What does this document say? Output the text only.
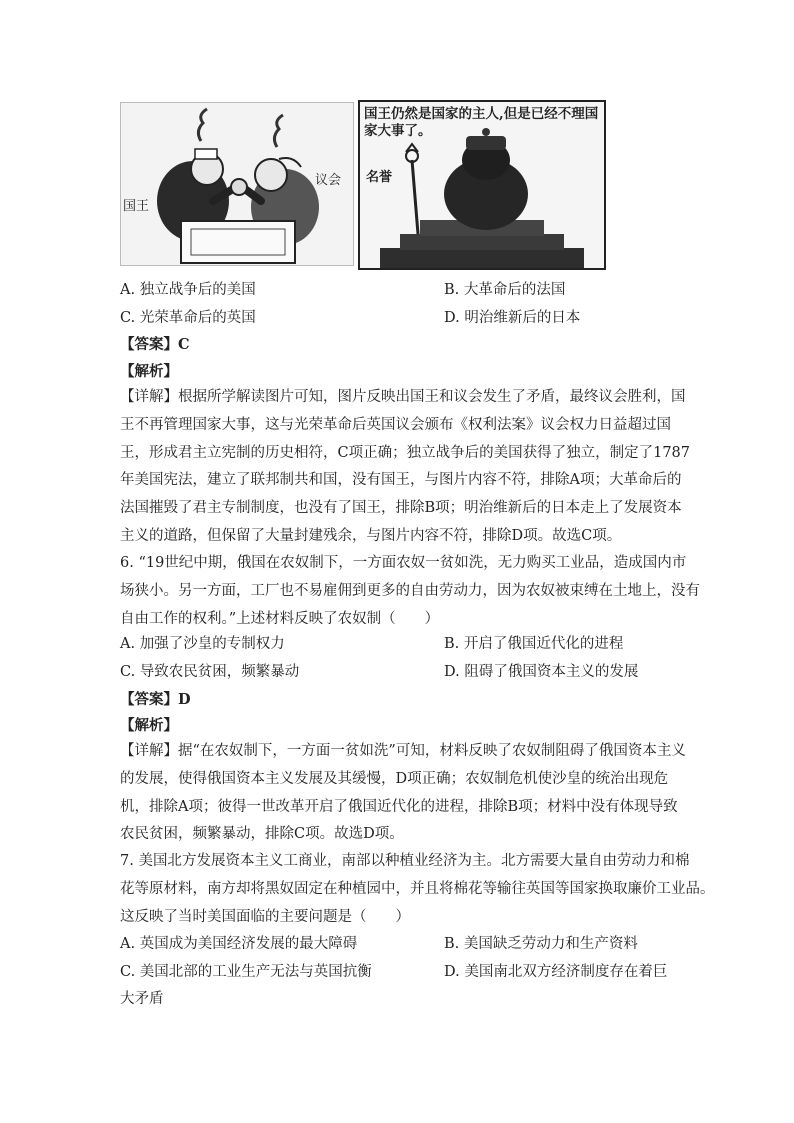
国王
议会
国王仍然是国家的主人,但是已经不理国家大事了。
名誉
A. 独立战争后的美国	B. 大革命后的法国
C. 光荣革命后的英国	D. 明治维新后的日本
【答案】C
【解析】
【详解】根据所学解读图片可知，图片反映出国王和议会发生了矛盾，最终议会胜利，国
王不再管理国家大事，这与光荣革命后英国议会颁布《权利法案》议会权力日益超过国
王，形成君主立宪制的历史相符，C项正确；独立战争后的美国获得了独立，制定了1787
年美国宪法，建立了联邦制共和国，没有国王，与图片内容不符，排除A项；大革命后的
法国摧毁了君主专制制度，也没有了国王，排除B项；明治维新后的日本走上了发展资本
主义的道路，但保留了大量封建残余，与图片内容不符，排除D项。故选C项。
6. “19世纪中期，俄国在农奴制下，一方面农奴一贫如洗，无力购买工业品，造成国内市
场狭小。另一方面，工厂也不易雇佣到更多的自由劳动力，因为农奴被束缚在土地上，没有
自由工作的权利。”上述材料反映了农奴制（　　）
A. 加强了沙皇的专制权力	B. 开启了俄国近代化的进程
C. 导致农民贫困，频繁暴动	D. 阻碍了俄国资本主义的发展
【答案】D
【解析】
【详解】据“在农奴制下，一方面一贫如洗”可知，材料反映了农奴制阻碍了俄国资本主义
的发展，使得俄国资本主义发展及其缓慢，D项正确；农奴制危机使沙皇的统治出现危
机，排除A项；彼得一世改革开启了俄国近代化的进程，排除B项；材料中没有体现导致
农民贫困，频繁暴动，排除C项。故选D项。
7. 美国北方发展资本主义工商业，南部以种植业经济为主。北方需要大量自由劳动力和棉
花等原材料，南方却将黑奴固定在种植园中，并且将棉花等输往英国等国家换取廉价工业品。
这反映了当时美国面临的主要问题是（　　）
A. 英国成为美国经济发展的最大障碍	B. 美国缺乏劳动力和生产资料
C. 美国北部的工业生产无法与英国抗衡	D. 美国南北双方经济制度存在着巨
大矛盾
